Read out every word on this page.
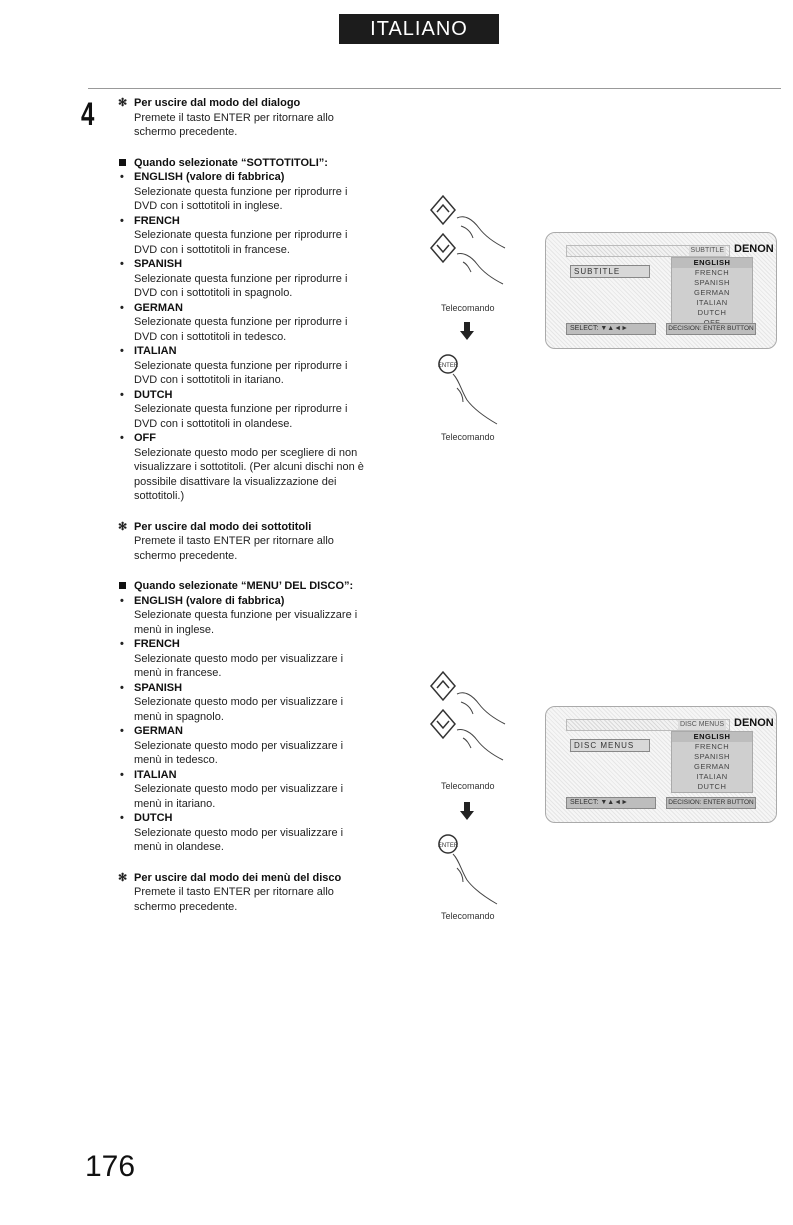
ITALIANO
4 ✻ Per uscire dal modo del dialogo
Premete il tasto ENTER per ritornare allo
schermo precedente.
Quando selezionate “SOTTOTITOLI”:
• ENGLISH (valore di fabbrica)
Selezionate questa funzione per riprodurre i
DVD con i sottotitoli in inglese.
• FRENCH
Selezionate questa funzione per riprodurre i
DVD con i sottotitoli in francese.
• SPANISH
Selezionate questa funzione per riprodurre i
DVD con i sottotitoli in spagnolo.
• GERMAN
Selezionate questa funzione per riprodurre i
DVD con i sottotitoli in tedesco.
• ITALIAN
Selezionate questa funzione per riprodurre i
DVD con i sottotitoli in itariano.
• DUTCH
Selezionate questa funzione per riprodurre i
DVD con i sottotitoli in olandese.
• OFF
Selezionate questo modo per scegliere di non
visualizzare i sottotitoli. (Per alcuni dischi non è
possibile disattivare la visualizzazione dei
sottotitoli.)
✻ Per uscire dal modo dei sottotitoli
Premete il tasto ENTER per ritornare allo
schermo precedente.
Quando selezionate “MENU’ DEL DISCO”:
• ENGLISH (valore di fabbrica)
Selezionate questa funzione per visualizzare i
menù in inglese.
• FRENCH
Selezionate questo modo per visualizzare i
menù in francese.
• SPANISH
Selezionate questo modo per visualizzare i
menù in spagnolo.
• GERMAN
Selezionate questo modo per visualizzare i
menù in tedesco.
• ITALIAN
Selezionate questo modo per visualizzare i
menù in itariano.
• DUTCH
Selezionate questo modo per visualizzare i
menù in olandese.
✻ Per uscire dal modo dei menù del disco
Premete il tasto ENTER per ritornare allo
schermo precedente.
Telecomando
ENTER
Telecomando
SUBTITLE DENON
SUBTITLE
ENGLISH
FRENCH
SPANISH
GERMAN
ITALIAN
DUTCH
SELECT: ▼▲◄►	DECISION: ENTER BUTTON
Telecomando
ENTER
Telecomando
DISC MENUS DENON
DISC MENUS
ENGLISH
FRENCH
SPANISH
GERMAN
ITALIAN
DUTCH
SELECT: ▼▲◄►	DECISION: ENTER BUTTON
176
